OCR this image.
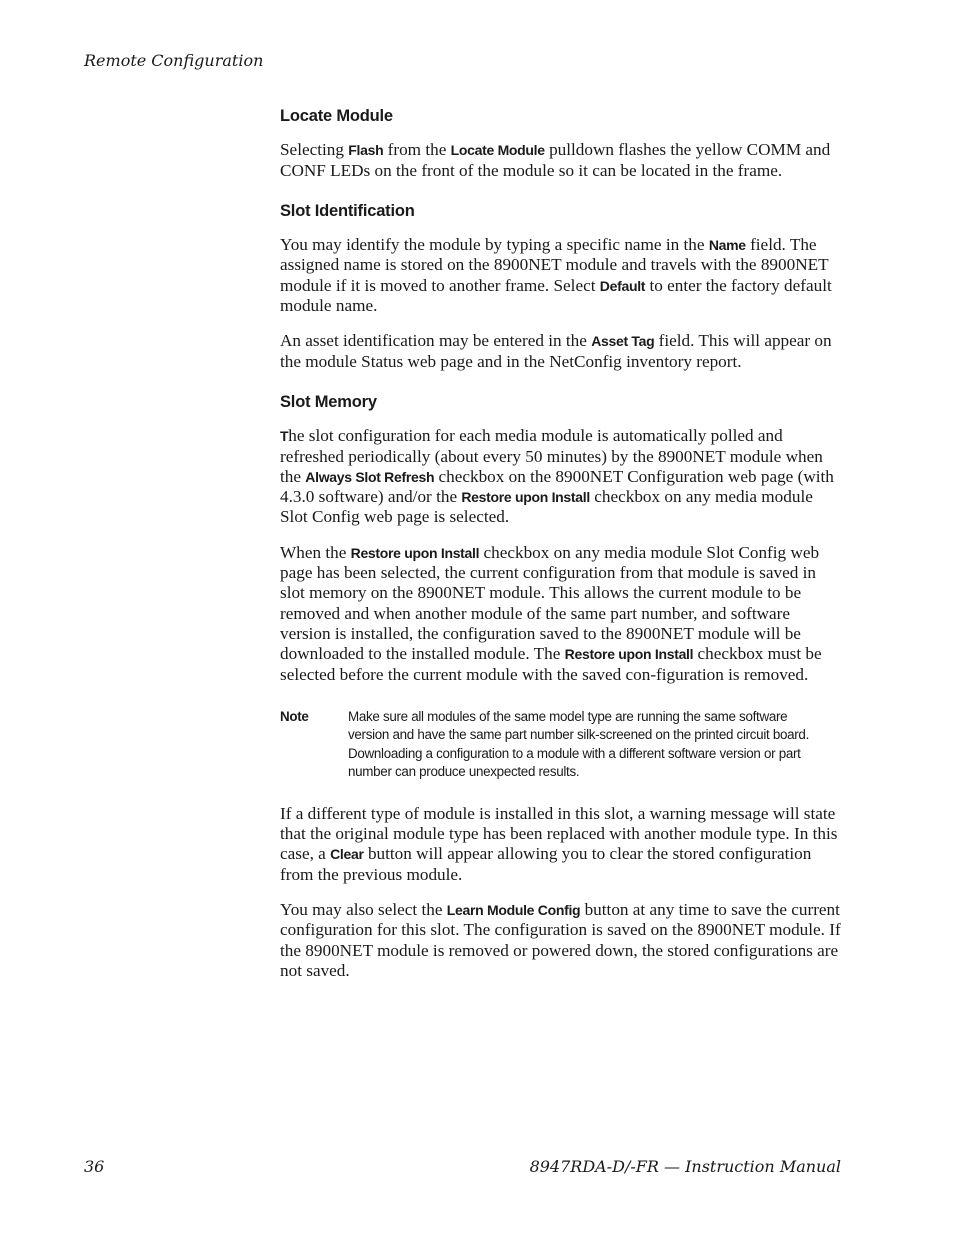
Remote Configuration
Locate Module

Selecting Flash from the Locate Module pulldown flashes the yellow COMM and CONF LEDs on the front of the module so it can be located in the frame.

Slot Identification

You may identify the module by typing a specific name in the Name field. The assigned name is stored on the 8900NET module and travels with the 8900NET module if it is moved to another frame. Select Default to enter the factory default module name.

An asset identification may be entered in the Asset Tag field. This will appear on the module Status web page and in the NetConfig inventory report.

Slot Memory

The slot configuration for each media module is automatically polled and refreshed periodically (about every 50 minutes) by the 8900NET module when the Always Slot Refresh checkbox on the 8900NET Configuration web page (with 4.3.0 software) and/or the Restore upon Install checkbox on any media module Slot Config web page is selected.

When the Restore upon Install checkbox on any media module Slot Config web page has been selected, the current configuration from that module is saved in slot memory on the 8900NET module. This allows the current module to be removed and when another module of the same part number, and software version is installed, the configuration saved to the 8900NET module will be downloaded to the installed module. The Restore upon Install checkbox must be selected before the current module with the saved con-figuration is removed.

Note	Make sure all modules of the same model type are running the same software version and have the same part number silk-screened on the printed circuit board. Downloading a configuration to a module with a different software version or part number can produce unexpected results.

If a different type of module is installed in this slot, a warning message will state that the original module type has been replaced with another module type. In this case, a Clear button will appear allowing you to clear the stored configuration from the previous module.

You may also select the Learn Module Config button at any time to save the current configuration for this slot. The configuration is saved on the 8900NET module. If the 8900NET module is removed or powered down, the stored configurations are not saved.

36	8947RDA-D/-FR — Instruction Manual
